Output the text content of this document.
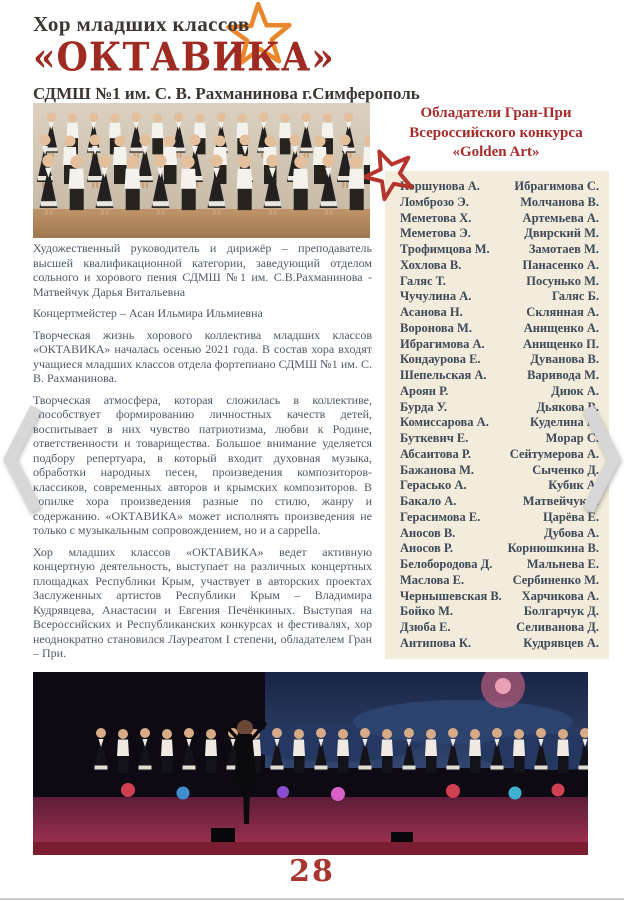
Хор младших классов
«ОКТАВИКА»
СДМШ №1 им. С. В. Рахманинова г.Симферополь
Обладатели Гран-При
Всероссийского конкурса
«Golden Art»
Коршунова А.	Ибрагимова С.
Ломброзо Э.	Молчанова В.
Меметова Х.	Артемьева А.
Меметова Э.	Двирский М.
Трофимцова М.	Замотаев М.
Хохлова В.	Панасенко А.
Галяс Т.	Посунько М.
Чучулина А.	Галяс Б.
Асанова Н.	Склянная А.
Воронова М.	Анищенко А.
Ибрагимова А.	Анищенко П.
Кондаурова Е.	Дуванова В.
Шепельская А.	Варивода М.
Ароян Р.	Диюк А.
Бурда У.	Дьякова В.
Комиссарова А.	Куделина А.
Буткевич Е.	Морар С.
Абсаитова Р.	Сейтумерова А.
Бажанова М.	Сыченко Д.
Герасько А.	Кубик А.
Бакало А.	Матвейчук Р.
Герасимова Е.	Царёва Е.
Аносов В.	Дубова А.
Аносов Р.	Корнюшкина В.
Белобородова Д.	Мальнева Е.
Маслова Е.	Сербиненко М.
Чернышевская В. Харчикова А.
Бойко М.	Болгарчук Д.
Дзюба Е.	Селиванова Д.
Антипова К.	Кудрявцев А.

Художественный руководитель и дирижёр – преподаватель высшей квалификационной категории, заведующий отделом сольного и хорового пения СДМШ №1 им. С.В.Рахманинова - Матвейчук Дарья Витальевна

Концертмейстер – Асан Ильмира Ильмиевна

Творческая жизнь хорового коллектива младших классов «ОКТАВИКА» началась осенью 2021 года. В состав хора входят учащиеся младших классов отдела фортепиано СДМШ №1 им. С. В. Рахманинова.

Творческая атмосфера, которая сложилась в коллективе, способствует формированию личностных качеств детей, воспитывает в них чувство патриотизма, любви к Родине, ответственности и товарищества. Большое внимание уделяется подбору репертуара, в который входит духовная музыка, обработки народных песен, произведения композиторов-классиков, современных авторов и крымских композиторов. В копилке хора произведения разные по стилю, жанру и содержанию. «ОКТАВИКА» может исполнять произведения не только с музыкальным сопровождением, но и a cappella.

Хор младших классов «ОКТАВИКА» ведет активную концертную деятельность, выступает на различных концертных площадках Республики Крым, участвует в авторских проектах Заслуженных артистов Республики Крым – Владимира Кудрявцева, Анастасии и Евгения Печёнкиных. Выступая на Всероссийских и Республиканских конкурсах и фестивалях, хор неоднократно становился Лауреатом I степени, обладателем Гран – При.

28
